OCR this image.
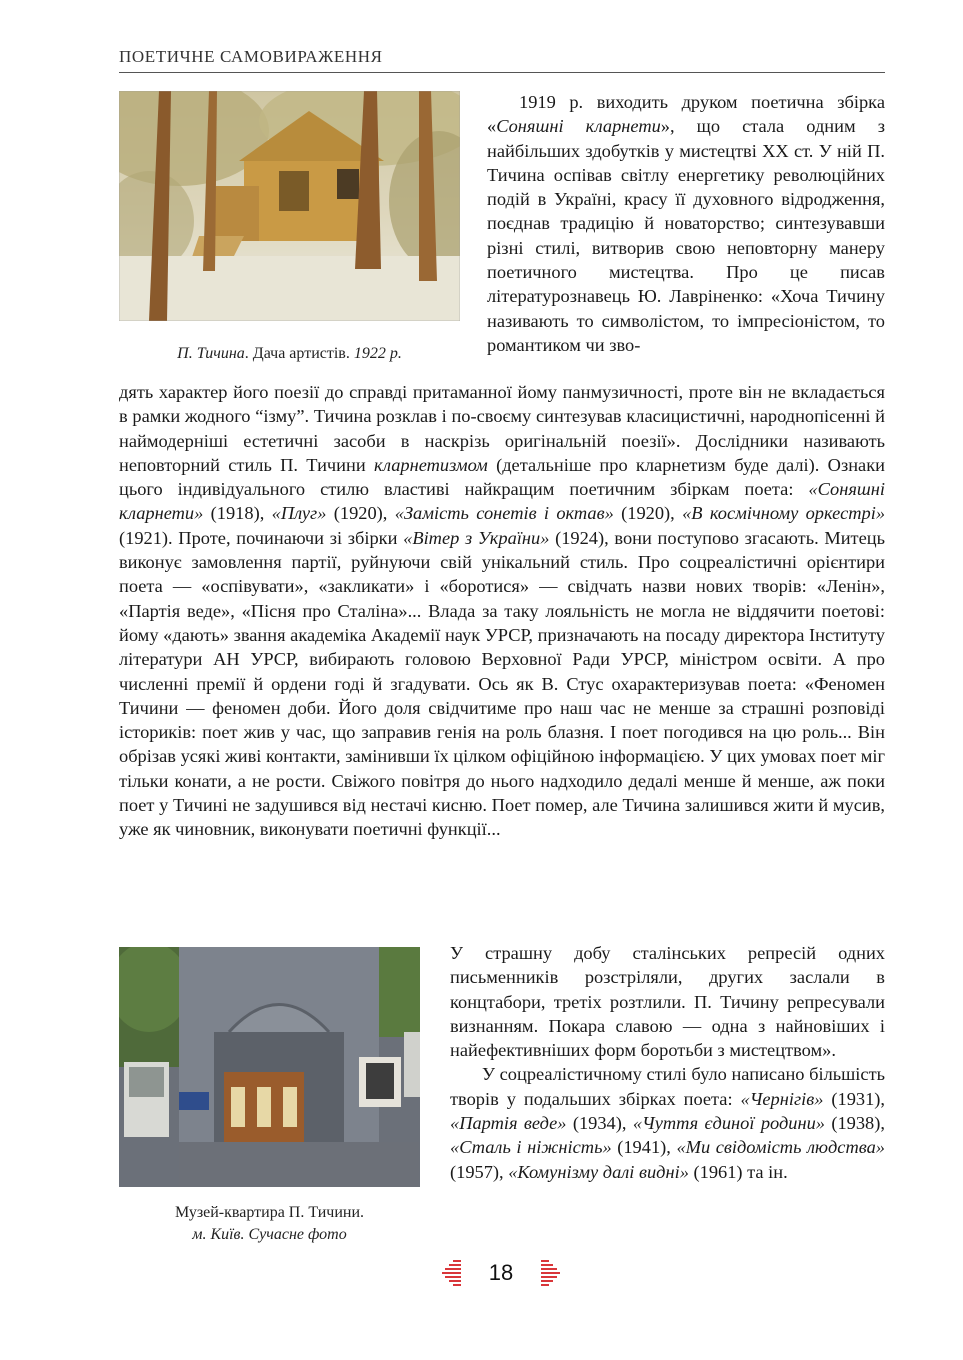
ПОЕТИЧНЕ САМОВИРАЖЕННЯ
П. Тичина. Дача артистів. 1922 р.

1919 р. виходить друком поетична збірка «Соняшні кларнети», що стала одним з найбільших здобутків у мистецтві ХХ ст. У ній П. Тичина оспівав світлу енергетику революційних подій в Україні, красу її духовного відродження, поєднав традицію й новаторство; синтезувавши різні стилі, витворив свою неповторну манеру поетичного мистецтва. Про це писав літературознавець Ю. Лавріненко: «Хоча Тичину називають то символістом, то імпресіоністом, то романтиком чи зво-

дять характер його поезії до справді притаманної йому панмузичності, проте він не вкладається в рамки жодного “ізму”. Тичина розклав і по-своєму синтезував класицистичні, народнопісенні й наймодерніші естетичні засоби в наскрізь оригінальній поезії». Дослідники називають неповторний стиль П. Тичини кларнетизмом (детальніше про кларнетизм буде далі). Ознаки цього індивідуального стилю властиві найкращим поетичним збіркам поета: «Соняшні кларнети» (1918), «Плуг» (1920), «Замість сонетів і октав» (1920), «В космічному оркестрі» (1921). Проте, починаючи зі збірки «Вітер з України» (1924), вони поступово згасають. Митець виконує замовлення партії, руйнуючи свій унікальний стиль. Про соцреалістичні орієнтири поета — «оспівувати», «закликати» і «боротися» — свідчать назви нових творів: «Ленін», «Партія веде», «Пісня про Сталіна»... Влада за таку лояльність не могла не віддячити поетові: йому «дають» звання академіка Академії наук УРСР, призначають на посаду директора Інституту літератури АН УРСР, вибирають головою Верховної Ради УРСР, міністром освіти. А про численні премії й ордени годі й згадувати. Ось як В. Стус охарактеризував поета: «Феномен Тичини — феномен доби. Його доля свідчитиме про наш час не менше за страшні розповіді істориків: поет жив у час, що заправив генія на роль блазня. І поет погодився на цю роль... Він обрізав усякі живі контакти, замінивши їх цілком офіційною інформацією. У цих умовах поет міг тільки конати, а не рости. Свіжого повітря до нього надходило дедалі менше й менше, аж поки поет у Тичині не задушився від нестачі кисню. Поет помер, але Тичина залишився жити й мусив, уже як чиновник, виконувати поетичні функції...

Музей-квартира П. Тичини.
м. Київ. Сучасне фото

У страшну добу сталінських репресій одних письменників розстріляли, других заслали в концтабори, третіх розтлили. П. Тичину репресували визнанням. Покара славою — одна з найновіших і найефективніших форм боротьби з мистецтвом».

У соцреалістичному стилі було написано більшість творів у подальших збірках поета: «Чернігів» (1931), «Партія веде» (1934), «Чуття єдиної родини» (1938), «Сталь і ніжність» (1941), «Ми свідомість людства» (1957), «Комунізму далі видні» (1961) та ін.

18
